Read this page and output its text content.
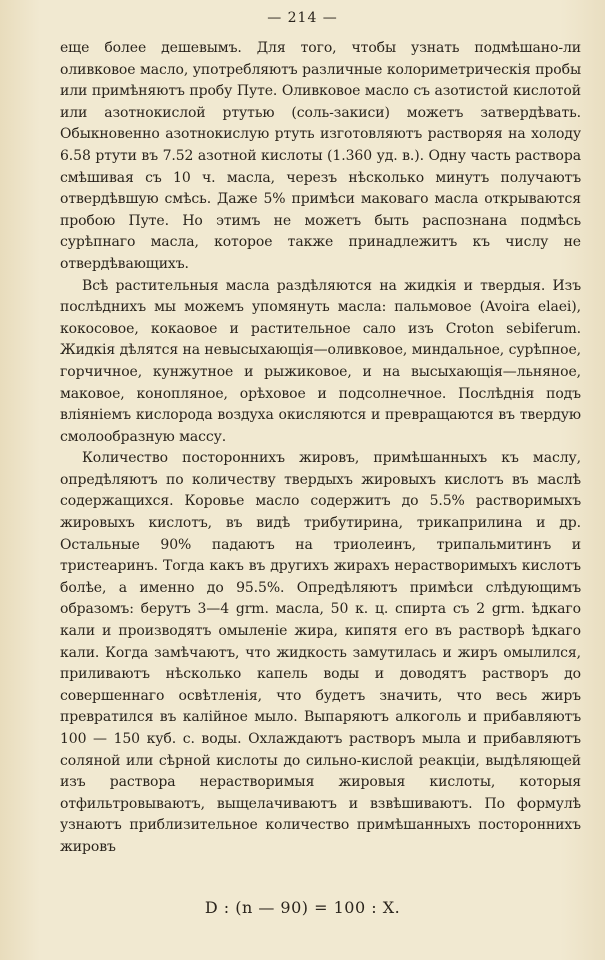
— 214 —

еще более дешевымъ. Для того, чтобы узнать подмѣшано-ли оливковое масло, употребляютъ различные колориметрическія пробы или примѣняютъ пробу Путе. Оливковое масло съ азотистой кислотой или азотнокислой ртутью (соль-закиси) можетъ затвердѣвать. Обыкновенно азотнокислую ртуть изготовляютъ растворяя на холоду 6.58 ртути въ 7.52 азотной кислоты (1.360 уд. в.). Одну часть раствора смѣшивая съ 10 ч. масла, черезъ нѣсколько минутъ получаютъ отвердѣвшую смѣсь. Даже 5% примѣси маковаго масла открываются пробою Путе. Но этимъ не можетъ быть распознана подмѣсь сурѣпнаго масла, которое также принадлежитъ къ числу не отвердѣвающихъ.

Всѣ растительныя масла раздѣляются на жидкія и твердыя. Изъ послѣднихъ мы можемъ упомянуть масла: пальмовое (Avoira elaei), кокосовое, кокаовое и растительное сало изъ Croton sebiferum. Жидкія дѣлятся на невысыхающія—оливковое, миндальное, сурѣпное, горчичное, кунжутное и рыжиковое, и на высыхающія—льняное, маковое, конопляное, орѣховое и подсолнечное. Послѣднія подъ вліяніемъ кислорода воздуха окисляются и превращаются въ твердую смолообразную массу.

Количество постороннихъ жировъ, примѣшанныхъ къ маслу, опредѣляютъ по количеству твердыхъ жировыхъ кислотъ въ маслѣ содержащихся. Коровье масло содержитъ до 5.5% растворимыхъ жировыхъ кислотъ, въ видѣ трибутирина, трикаприлина и др. Остальные 90% падаютъ на триолеинъ, трипальмитинъ и тристеаринъ. Тогда какъ въ другихъ жирахъ нерастворимыхъ кислотъ болѣе, а именно до 95.5%. Опредѣляютъ примѣси слѣдующимъ образомъ: берутъ 3—4 grm. масла, 50 к. ц. спирта съ 2 grm. ѣдкаго кали и производятъ омыленіе жира, кипятя его въ растворѣ ѣдкаго кали. Когда замѣчаютъ, что жидкость замутилась и жиръ омылился, приливаютъ нѣсколько капель воды и доводятъ растворъ до совершеннаго освѣтленія, что будетъ значить, что весь жиръ превратился въ калійное мыло. Выпаряютъ алкоголь и прибавляютъ 100 — 150 куб. с. воды. Охлаждаютъ растворъ мыла и прибавляютъ соляной или сѣрной кислоты до сильно-кислой реакціи, выдѣляющей изъ раствора нерастворимыя жировыя кислоты, которыя отфильтровываютъ, выщелачиваютъ и взвѣшиваютъ. По формулѣ узнаютъ приблизительное количество примѣшанныхъ постороннихъ жировъ

D : (n — 90) = 100 : X.
